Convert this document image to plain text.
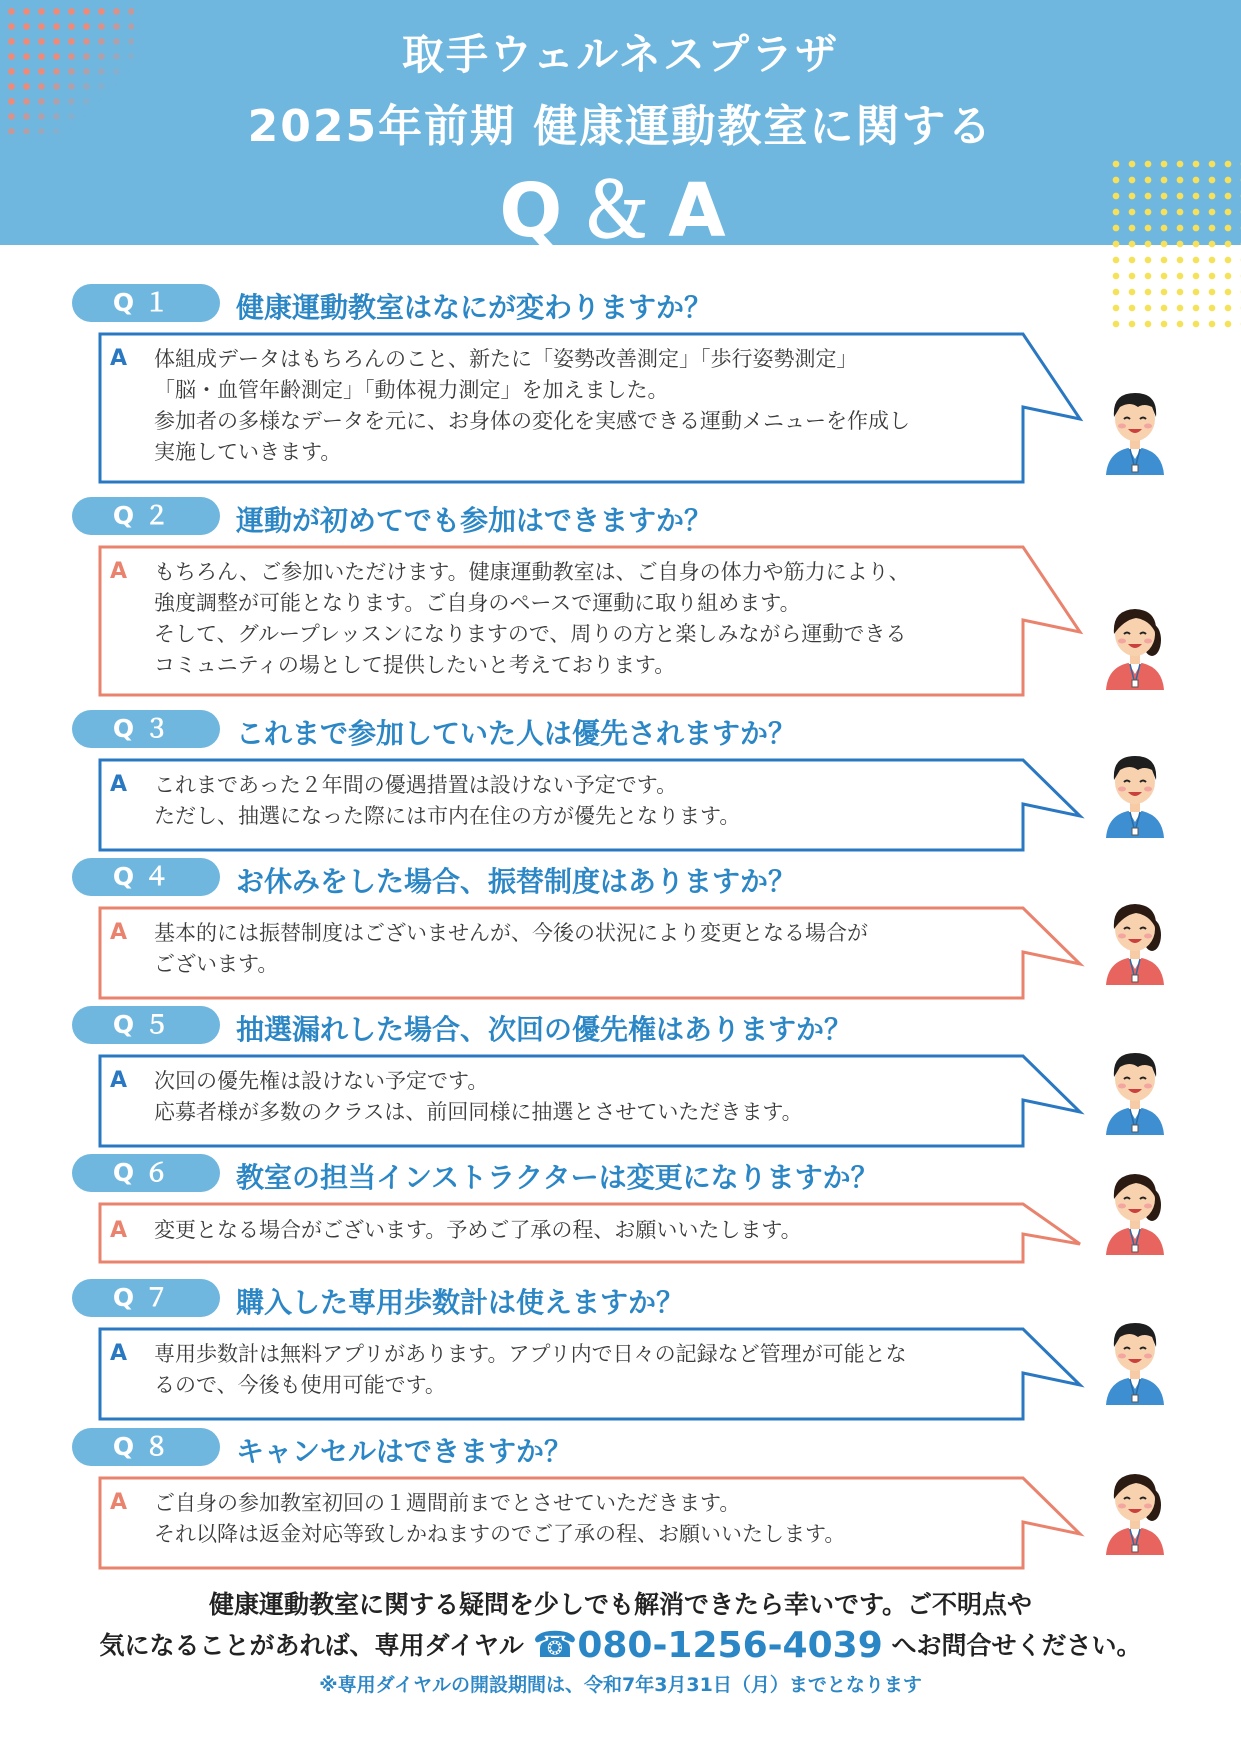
取手ウェルネスプラザ
2025年前期 健康運動教室に関する
Q＆A
Q１	健康運動教室はなにが変わりますか？
A 体組成データはもちろんのこと、新たに「姿勢改善測定」「歩行姿勢測定」
「脳・血管年齢測定」「動体視力測定」を加えました。
参加者の多様なデータを元に、お身体の変化を実感できる運動メニューを作成し
実施していきます。
Q２	運動が初めてでも参加はできますか？
A もちろん、ご参加いただけます。健康運動教室は、ご自身の体力や筋力により、
強度調整が可能となります。ご自身のペースで運動に取り組めます。
そして、グループレッスンになりますので、周りの方と楽しみながら運動できる
コミュニティの場として提供したいと考えております。
Q３	これまで参加していた人は優先されますか？
A これまであった２年間の優遇措置は設けない予定です。
ただし、抽選になった際には市内在住の方が優先となります。
Q４	お休みをした場合、振替制度はありますか？
A 基本的には振替制度はございませんが、今後の状況により変更となる場合が
ございます。
Q５	抽選漏れした場合、次回の優先権はありますか？
A 次回の優先権は設けない予定です。
応募者様が多数のクラスは、前回同様に抽選とさせていただきます。
Q６	教室の担当インストラクターは変更になりますか？
A 変更となる場合がございます。予めご了承の程、お願いいたします。
Q７	購入した専用歩数計は使えますか？
A 専用歩数計は無料アプリがあります。アプリ内で日々の記録など管理が可能とな
るので、今後も使用可能です。
Q８	キャンセルはできますか？
A ご自身の参加教室初回の１週間前までとさせていただきます。
それ以降は返金対応等致しかねますのでご了承の程、お願いいたします。
健康運動教室に関する疑問を少しでも解消できたら幸いです。ご不明点や
気になることがあれば、専用ダイヤル ☎080-1256-4039 へお問合せください。
※専用ダイヤルの開設期間は、令和7年3月31日（月）までとなります
